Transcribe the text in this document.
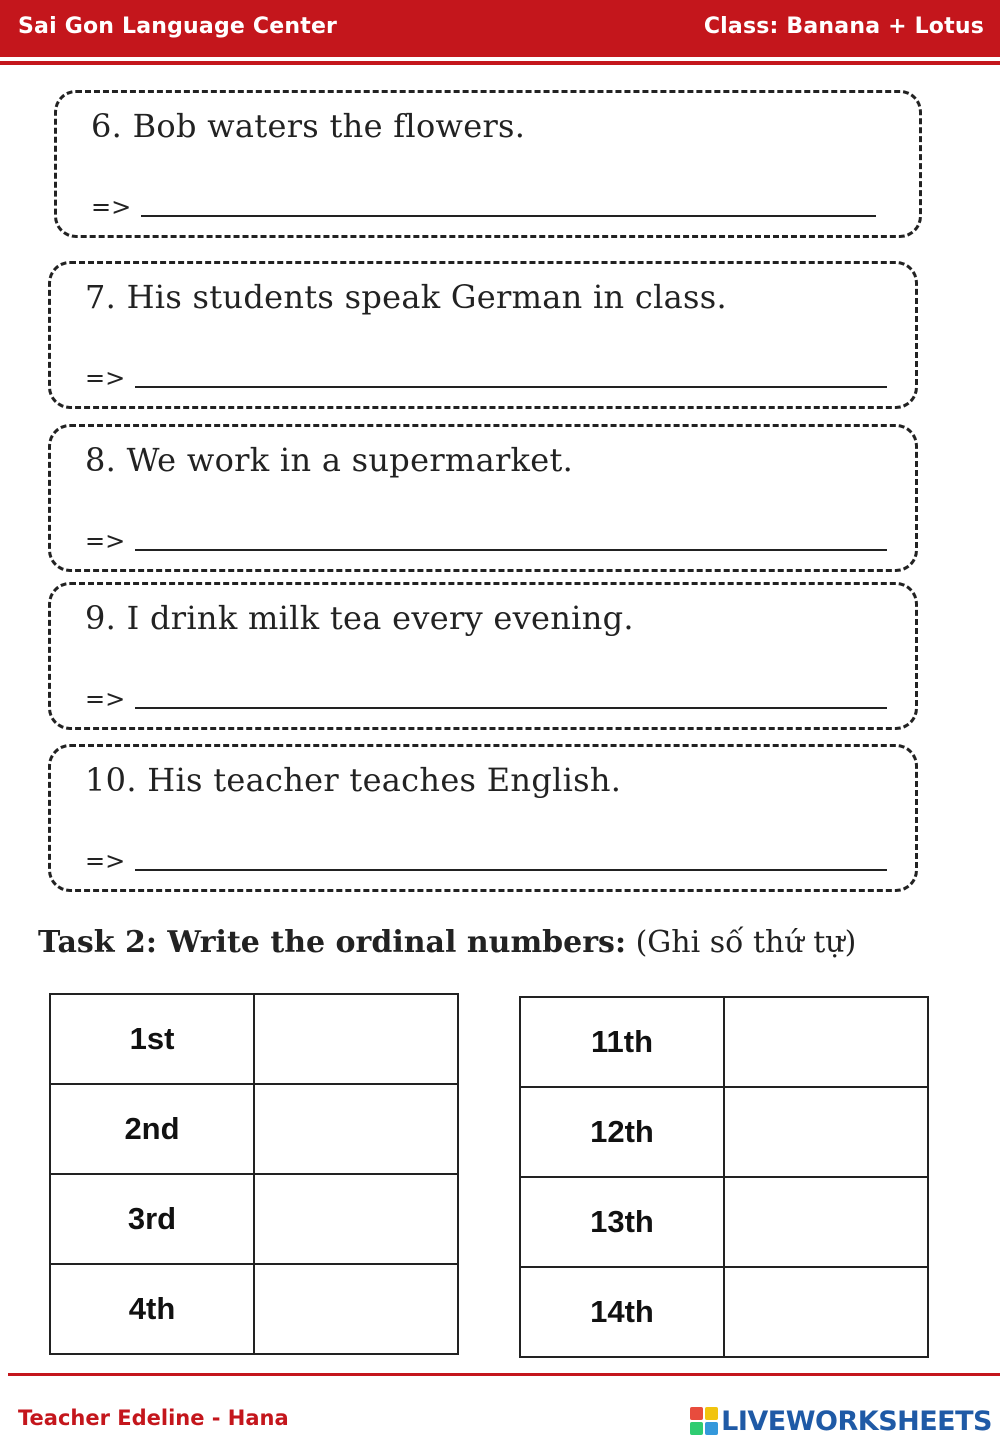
Sai Gon Language Center	Class: Banana + Lotus
6. Bob waters the flowers.
=>
7. His students speak German in class.
=>
8. We work in a supermarket.
=>
9. I drink milk tea every evening.
=>
10. His teacher teaches English.
=>
Task 2: Write the ordinal numbers: (Ghi số thứ tự)
1st	
2nd	
3rd	
4th	
11th	
12th	
13th	
14th	
Teacher Edeline - Hana	LIVEWORKSHEETS
